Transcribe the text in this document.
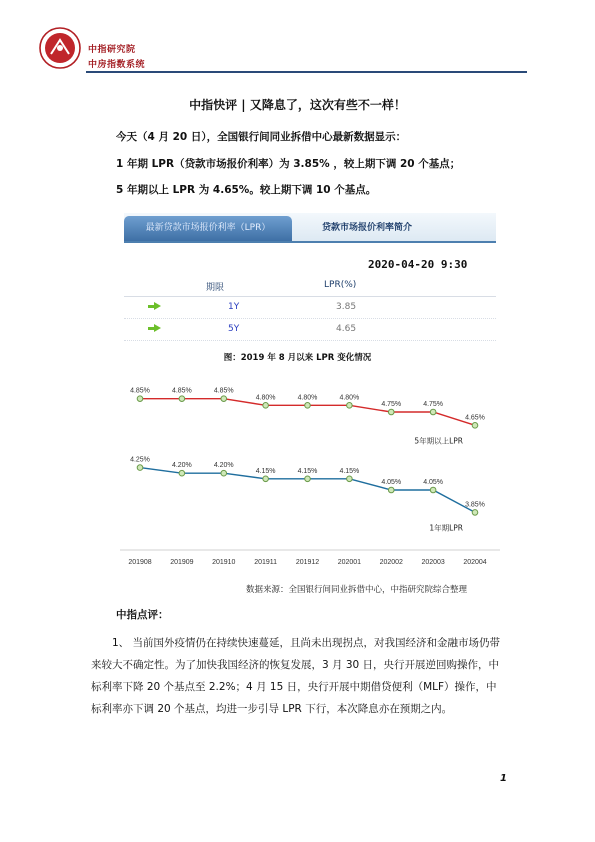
中指研究院
中房指数系统
中指快评 | 又降息了，这次有些不一样！
今天（4 月 20 日），全国银行间同业拆借中心最新数据显示：
1 年期 LPR（贷款市场报价利率）为 3.85% ，较上期下调 20 个基点；
5 年期以上 LPR 为 4.65%。较上期下调 10 个基点。
最新贷款市场报价利率（LPR）	贷款市场报价利率简介
2020-04-20 9:30
期限	LPR(%)
1Y	3.85
5Y	4.65
图：2019 年 8 月以来 LPR 变化情况
201908	201909	201910	201911	201912	202001	202002	202003	202004
4.85%	4.85%	4.85%
4.80%	4.80%	4.80%
4.75%	4.75%
4.65%
5年期以上LPR
4.25%
4.20%	4.20%
4.15%	4.15%	4.15%
4.05%	4.05%
3.85%
1年期LPR
数据来源：全国银行间同业拆借中心，中指研究院综合整理
中指点评：
1、 当前国外疫情仍在持续快速蔓延，且尚未出现拐点，对我国经济和金融市场仍带来较大不确定性。为了加快我国经济的恢复发展，3 月 30 日，央行开展逆回购操作，中标利率下降 20 个基点至 2.2%；4 月 15 日，央行开展中期借贷便利（MLF）操作，中标利率亦下调 20 个基点，均进一步引导 LPR 下行，本次降息亦在预期之内。
1
